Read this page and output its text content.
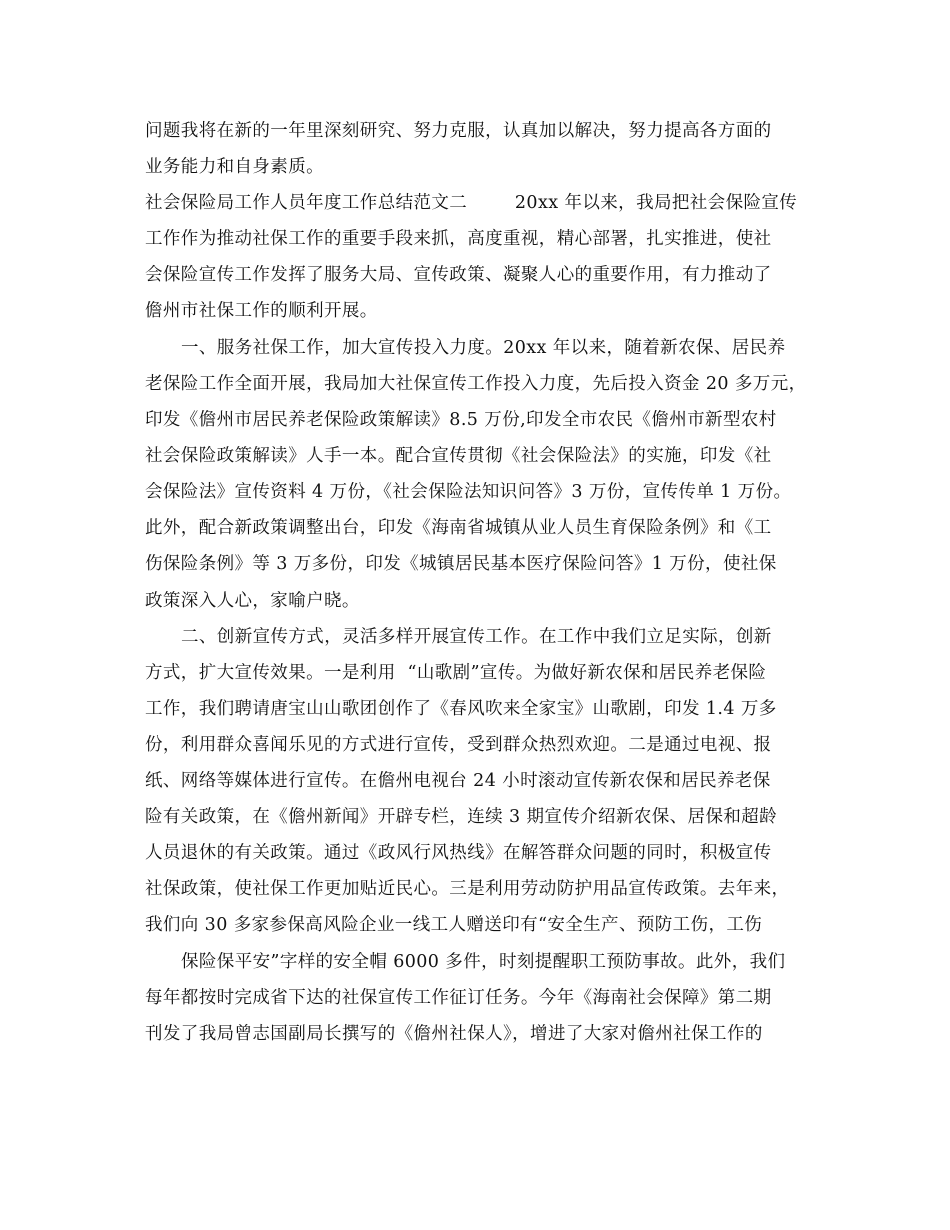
问题我将在新的一年里深刻研究、努力克服，认真加以解决，努力提高各方面的
业务能力和自身素质。
社会保险局工作人员年度工作总结范文二        20xx 年以来，我局把社会保险宣传
工作作为推动社保工作的重要手段来抓，高度重视，精心部署，扎实推进，使社
会保险宣传工作发挥了服务大局、宣传政策、凝聚人心的重要作用，有力推动了
儋州市社保工作的顺利开展。
一、服务社保工作，加大宣传投入力度。20xx 年以来，随着新农保、居民养
老保险工作全面开展，我局加大社保宣传工作投入力度，先后投入资金 20 多万元，
印发《儋州市居民养老保险政策解读》8.5 万份,印发全市农民《儋州市新型农村
社会保险政策解读》人手一本。配合宣传贯彻《社会保险法》的实施，印发《社
会保险法》宣传资料 4 万份，《社会保险法知识问答》3 万份，宣传传单 1 万份。
此外，配合新政策调整出台，印发《海南省城镇从业人员生育保险条例》和《工
伤保险条例》等 3 万多份，印发《城镇居民基本医疗保险问答》1 万份，使社保
政策深入人心，家喻户晓。
二、创新宣传方式，灵活多样开展宣传工作。在工作中我们立足实际，创新
方式，扩大宣传效果。一是利用  “山歌剧”宣传。为做好新农保和居民养老保险
工作，我们聘请唐宝山山歌团创作了《春风吹来全家宝》山歌剧，印发 1.4 万多
份，利用群众喜闻乐见的方式进行宣传，受到群众热烈欢迎。二是通过电视、报
纸、网络等媒体进行宣传。在儋州电视台 24 小时滚动宣传新农保和居民养老保
险有关政策，在《儋州新闻》开辟专栏，连续 3 期宣传介绍新农保、居保和超龄
人员退休的有关政策。通过《政风行风热线》在解答群众问题的同时，积极宣传
社保政策，使社保工作更加贴近民心。三是利用劳动防护用品宣传政策。去年来，
我们向 30 多家参保高风险企业一线工人赠送印有“安全生产、预防工伤，工伤
保险保平安”字样的安全帽 6000 多件，时刻提醒职工预防事故。此外，我们
每年都按时完成省下达的社保宣传工作征订任务。今年《海南社会保障》第二期
刊发了我局曾志国副局长撰写的《儋州社保人》，增进了大家对儋州社保工作的
